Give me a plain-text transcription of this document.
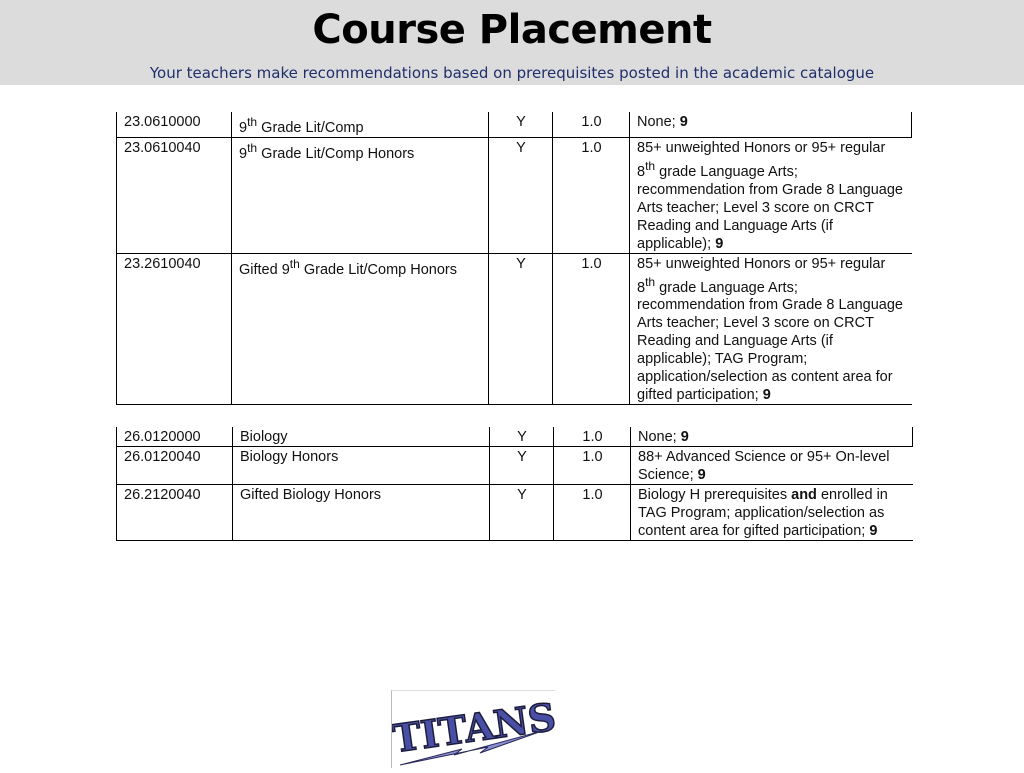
Course Placement
Your teachers make recommendations based on prerequisites posted in the academic catalogue
23.0610000	9th Grade Lit/Comp	Y	1.0	None; 9
23.0610040	9th Grade Lit/Comp Honors	Y	1.0	85+ unweighted Honors or 95+ regular 8th grade Language Arts; recommendation from Grade 8 Language Arts teacher; Level 3 score on CRCT Reading and Language Arts (if applicable); 9
23.2610040	Gifted 9th Grade Lit/Comp Honors	Y	1.0	85+ unweighted Honors or 95+ regular 8th grade Language Arts; recommendation from Grade 8 Language Arts teacher; Level 3 score on CRCT Reading and Language Arts (if applicable); TAG Program; application/selection as content area for gifted participation; 9
26.0120000	Biology	Y	1.0	None; 9
26.0120040	Biology Honors	Y	1.0	88+ Advanced Science or 95+ On-level Science; 9
26.2120040	Gifted Biology Honors	Y	1.0	Biology H prerequisites and enrolled in TAG Program; application/selection as content area for gifted participation; 9
TITANS
